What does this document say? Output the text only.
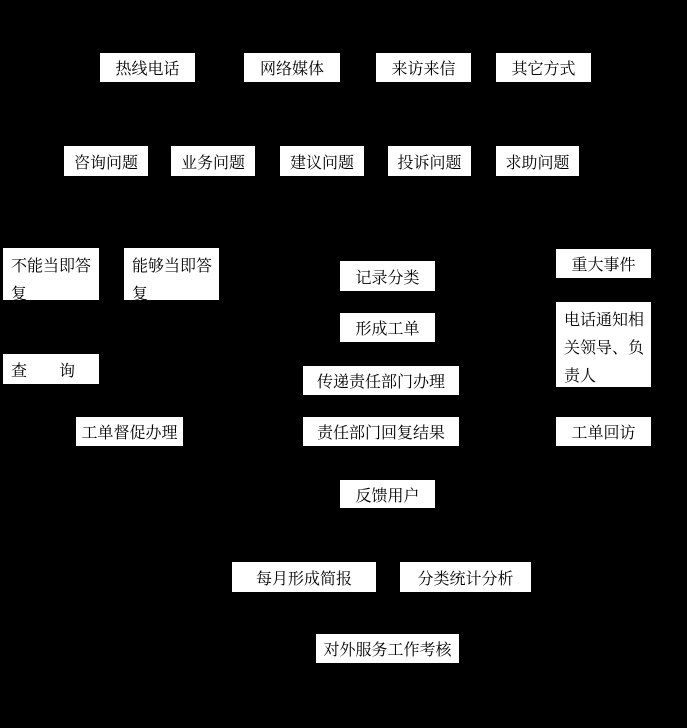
热线电话	网络媒体	来访来信	其它方式
咨询问题	业务问题	建议问题	投诉问题	求助问题
不能当即答复
能够当即答复
记录分类
重大事件
形成工单	电话通知相关领导、负责人
查　　询
传递责任部门办理
工单督促办理	责任部门回复结果	工单回访
反馈用户
每月形成简报	分类统计分析
对外服务工作考核
